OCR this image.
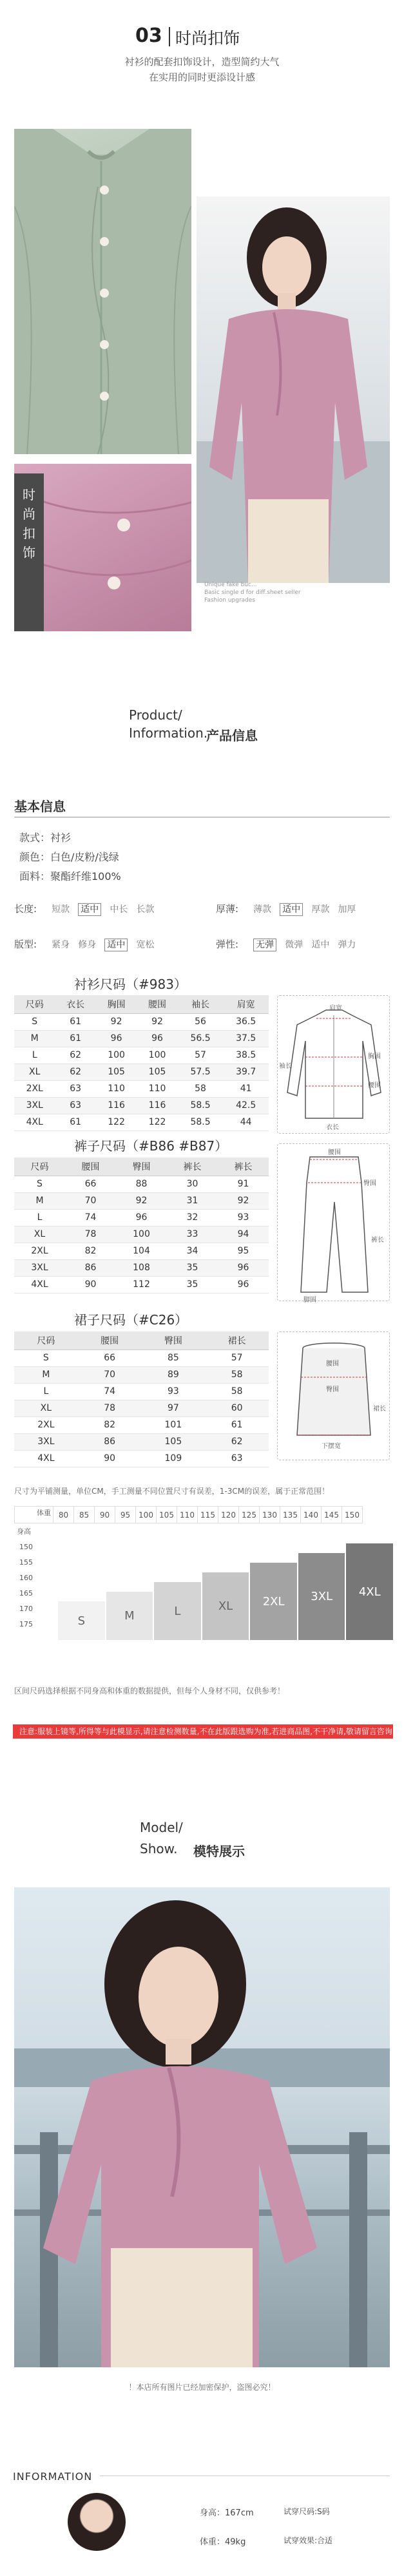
03 时尚扣饰
衬衫的配套扣饰设计，造型简约大气
在实用的同时更添设计感
时
尚
扣
饰
Unique fake buc...
Basic single d for diff.sheet seller
Fashion upgrades
Product/
Information.
产品信息
基本信息
款式：衬衫
颜色：白色/皮粉/浅绿
面料：聚酯纤维100%
长度: 短款 适中 中长 长款	厚薄: 薄款 适中 厚款 加厚
版型: 紧身 修身 适中 宽松	弹性: 无弹 微弹 适中 弹力
衬衫尺码（#983）
尺码	衣长	胸围	腰围	袖长	肩宽
S	61	92	92	56	36.5
M	61	96	96	56.5	37.5
L	62	100	100	57	38.5
XL	62	105	105	57.5	39.7
2XL	63	110	110	58	41
3XL	63	116	116	58.5	42.5
4XL	61	122	122	58.5	44
肩宽
胸围
腰围
袖长
衣长
裤子尺码（#B86 #B87）
尺码	腰围	臀围	裤长	裤长
S	66	88	30	91
M	70	92	31	92
L	74	96	32	93
XL	78	100	33	94
2XL	82	104	34	95
3XL	86	108	35	96
4XL	90	112	35	96
腰围
臀围
裤长
脚围
裙子尺码（#C26）
尺码	腰围	臀围	裙长
S	66	85	57
M	70	89	58
L	74	93	58
XL	78	97	60
2XL	82	101	61
3XL	86	105	62
4XL	90	109	63
腰围
臀围
裙长
下摆宽
尺寸为平铺测量，单位CM，手工测量不同位置尺寸有误差，1-3CM的误差，属于正常范围！
体重	80	85	90	95	100	105	110	115	120	125	130	135	140	145	150
身高
150
155
160
165
170
175	S	M	L	XL	2XL	3XL	4XL
区间尺码选择根据不同身高和体重的数据提供，但每个人身材不同，仅供参考！
注意:服装上镜等,所得等与此模显示,请注意检测数量,不在此版跟选购为准,若进商品图,不干净请,敬请留言咨询
Model/
Show. 模特展示
！本店所有图片已经加密保护，盗图必究！
INFORMATION
身高：167cm	试穿尺码:S码
体重：49kg	试穿效果:合适
